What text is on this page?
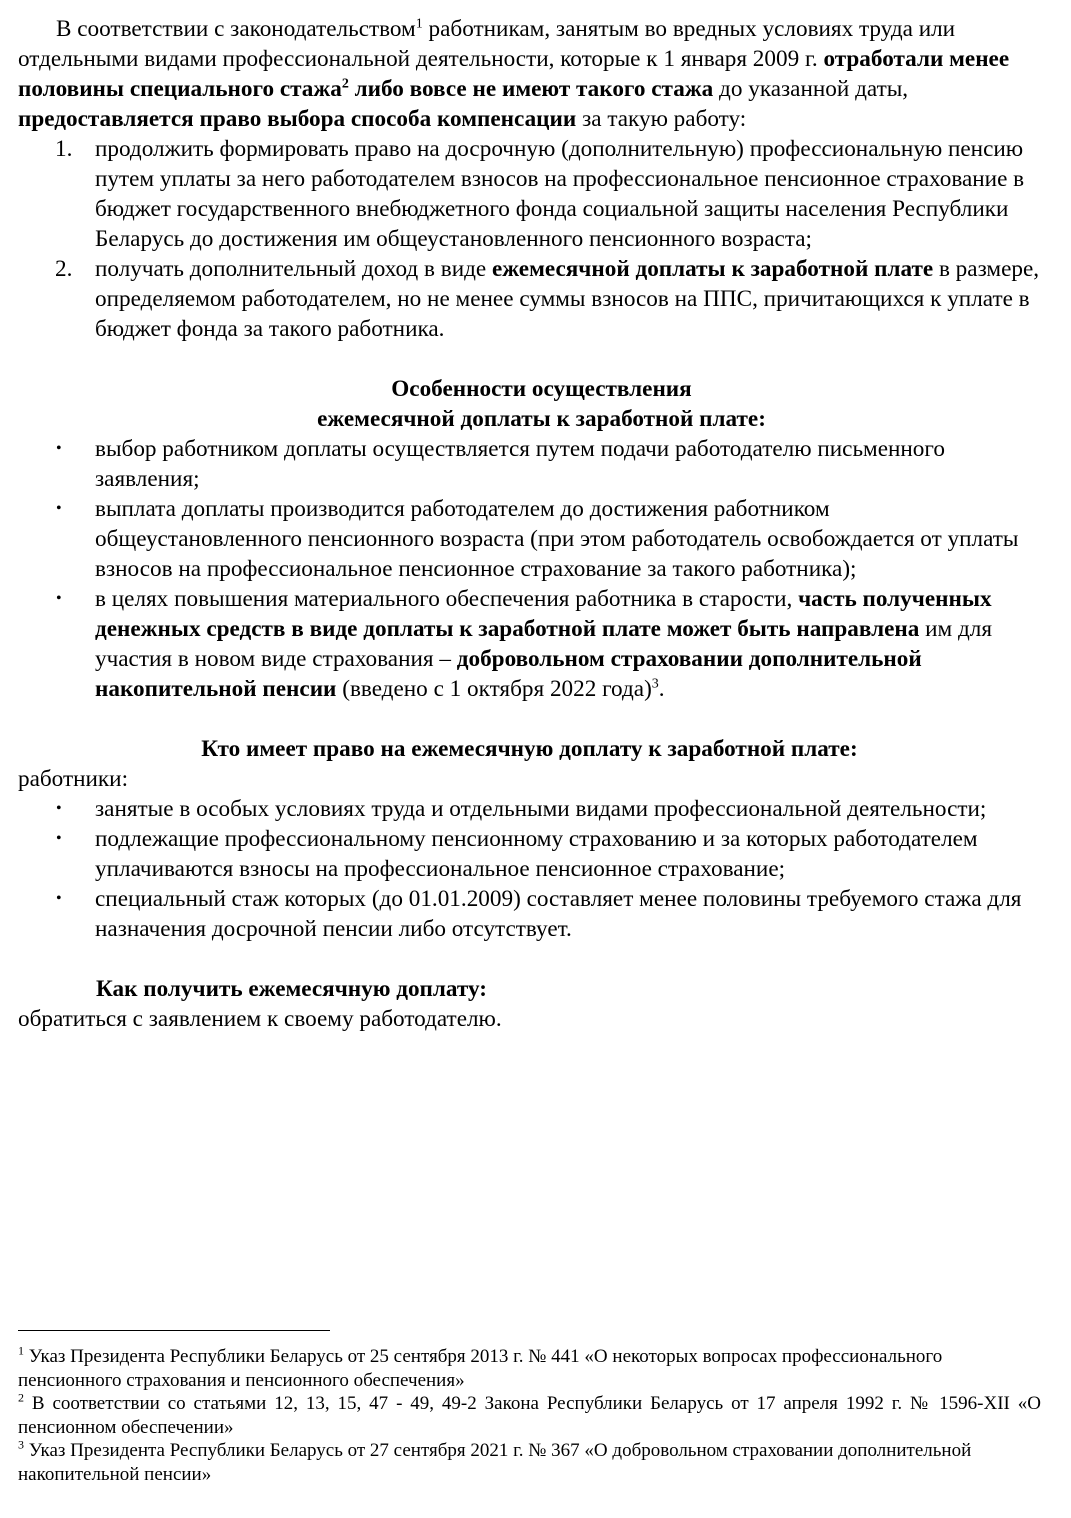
В соответствии с законодательством$^1$ работникам, занятым во вредных условиях труда или отдельными видами профессиональной деятельности, которые к 1 января 2009 г. отработали менее половины специального стажа$^2$ либо вовсе не имеют такого стажа до указанной даты, предоставляется право выбора способа компенсации за такую работу:

1. продолжить формировать право на досрочную (дополнительную) профессиональную пенсию путем уплаты за него работодателем взносов на профессиональное пенсионное страхование в бюджет государственного внебюджетного фонда социальной защиты населения Республики Беларусь до достижения им общеустановленного пенсионного возраста;
2. получать дополнительный доход в виде ежемесячной доплаты к заработной плате в размере, определяемом работодателем, но не менее суммы взносов на ППС, причитающихся к уплате в бюджет фонда за такого работника.

Особенности осуществления
ежемесячной доплаты к заработной плате:

• выбор работником доплаты осуществляется путем подачи работодателю письменного заявления;
• выплата доплаты производится работодателем до достижения работником общеустановленного пенсионного возраста (при этом работодатель освобождается от уплаты взносов на профессиональное пенсионное страхование за такого работника);
• в целях повышения материального обеспечения работника в старости, часть полученных денежных средств в виде доплаты к заработной плате может быть направлена им для участия в новом виде страхования – добровольном страховании дополнительной накопительной пенсии (введено с 1 октября 2022 года)$^3$.

Кто имеет право на ежемесячную доплату к заработной плате:

работники:

• занятые в особых условиях труда и отдельными видами профессиональной деятельности;
• подлежащие профессиональному пенсионному страхованию и за которых работодателем уплачиваются взносы на профессиональное пенсионное страхование;
• специальный стаж которых (до 01.01.2009) составляет менее половины требуемого стажа для назначения досрочной пенсии либо отсутствует.

Как получить ежемесячную доплату:

обратиться с заявлением к своему работодателю.

$^1$ Указ Президента Республики Беларусь от 25 сентября 2013 г. № 441 «О некоторых вопросах профессионального пенсионного страхования и пенсионного обеспечения»

$^2$ В соответствии со статьями 12, 13, 15, 47 - 49, 49-2 Закона Республики Беларусь от 17 апреля 1992 г. № 1596-XII «О пенсионном обеспечении»

$^3$ Указ Президента Республики Беларусь от 27 сентября 2021 г. № 367 «О добровольном страховании дополнительной накопительной пенсии»
